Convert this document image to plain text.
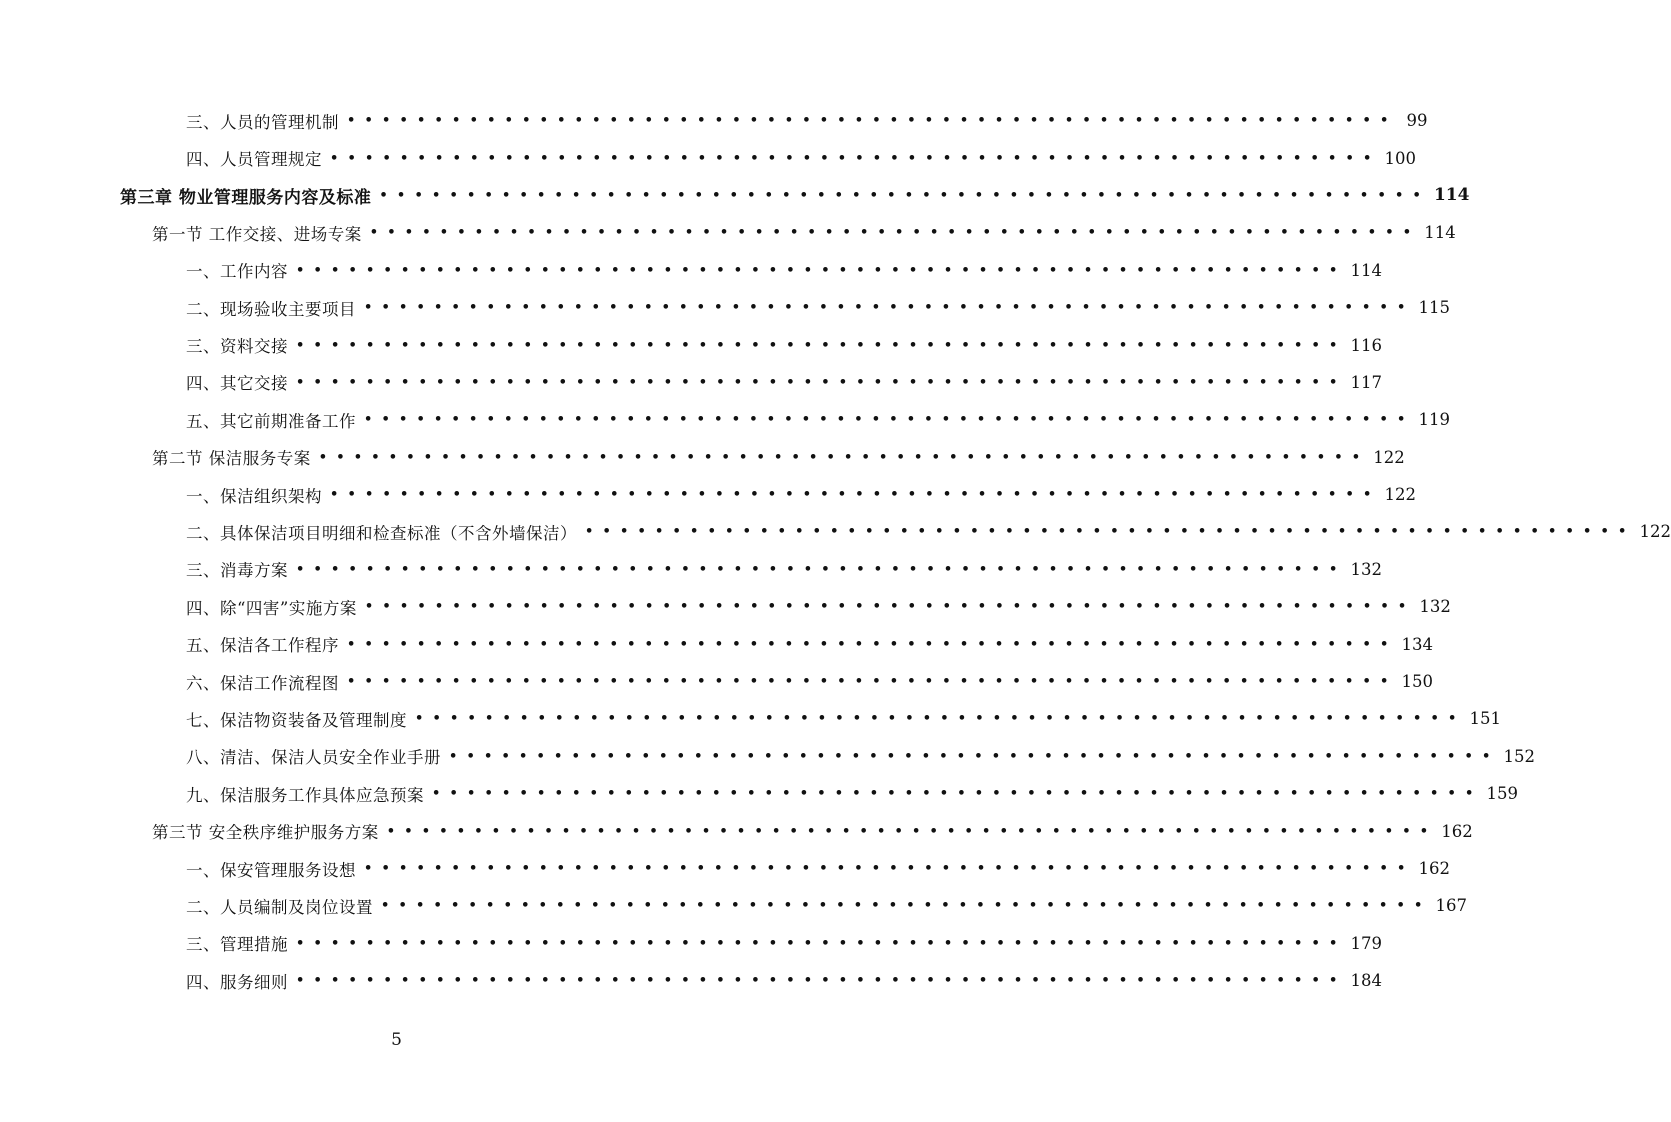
三、人员的管理机制 •••••••••••••••••••••••••••••••••••••••••••••••••••••••••••• 99
四、人员管理规定 •••••••••••••••••••••••••••••••••••••••••••••••••••••••••••• 100
第三章 物业管理服务内容及标准 •••••••••••••••••••••••••••••••••••••••••••••••••••••••••••• 114
第一节 工作交接、进场专案 •••••••••••••••••••••••••••••••••••••••••••••••••••••••••••• 114
一、工作内容 •••••••••••••••••••••••••••••••••••••••••••••••••••••••••••• 114
二、现场验收主要项目 •••••••••••••••••••••••••••••••••••••••••••••••••••••••••••• 115
三、资料交接 •••••••••••••••••••••••••••••••••••••••••••••••••••••••••••• 116
四、其它交接 •••••••••••••••••••••••••••••••••••••••••••••••••••••••••••• 117
五、其它前期准备工作 •••••••••••••••••••••••••••••••••••••••••••••••••••••••••••• 119
第二节 保洁服务专案 •••••••••••••••••••••••••••••••••••••••••••••••••••••••••••• 122
一、保洁组织架构 •••••••••••••••••••••••••••••••••••••••••••••••••••••••••••• 122
二、具体保洁项目明细和检查标准（不含外墙保洁） •••••••••••••••••••••••••••••••••••••••••••••••••••••••••••• 122
三、消毒方案 •••••••••••••••••••••••••••••••••••••••••••••••••••••••••••• 132
四、除“四害”实施方案 •••••••••••••••••••••••••••••••••••••••••••••••••••••••••••• 132
五、保洁各工作程序 •••••••••••••••••••••••••••••••••••••••••••••••••••••••••••• 134
六、保洁工作流程图 •••••••••••••••••••••••••••••••••••••••••••••••••••••••••••• 150
七、保洁物资装备及管理制度 •••••••••••••••••••••••••••••••••••••••••••••••••••••••••••• 151
八、清洁、保洁人员安全作业手册 •••••••••••••••••••••••••••••••••••••••••••••••••••••••••••• 152
九、保洁服务工作具体应急预案 •••••••••••••••••••••••••••••••••••••••••••••••••••••••••••• 159
第三节 安全秩序维护服务方案 •••••••••••••••••••••••••••••••••••••••••••••••••••••••••••• 162
一、保安管理服务设想 •••••••••••••••••••••••••••••••••••••••••••••••••••••••••••• 162
二、人员编制及岗位设置 •••••••••••••••••••••••••••••••••••••••••••••••••••••••••••• 167
三、管理措施 •••••••••••••••••••••••••••••••••••••••••••••••••••••••••••• 179
四、服务细则 •••••••••••••••••••••••••••••••••••••••••••••••••••••••••••• 184
5
